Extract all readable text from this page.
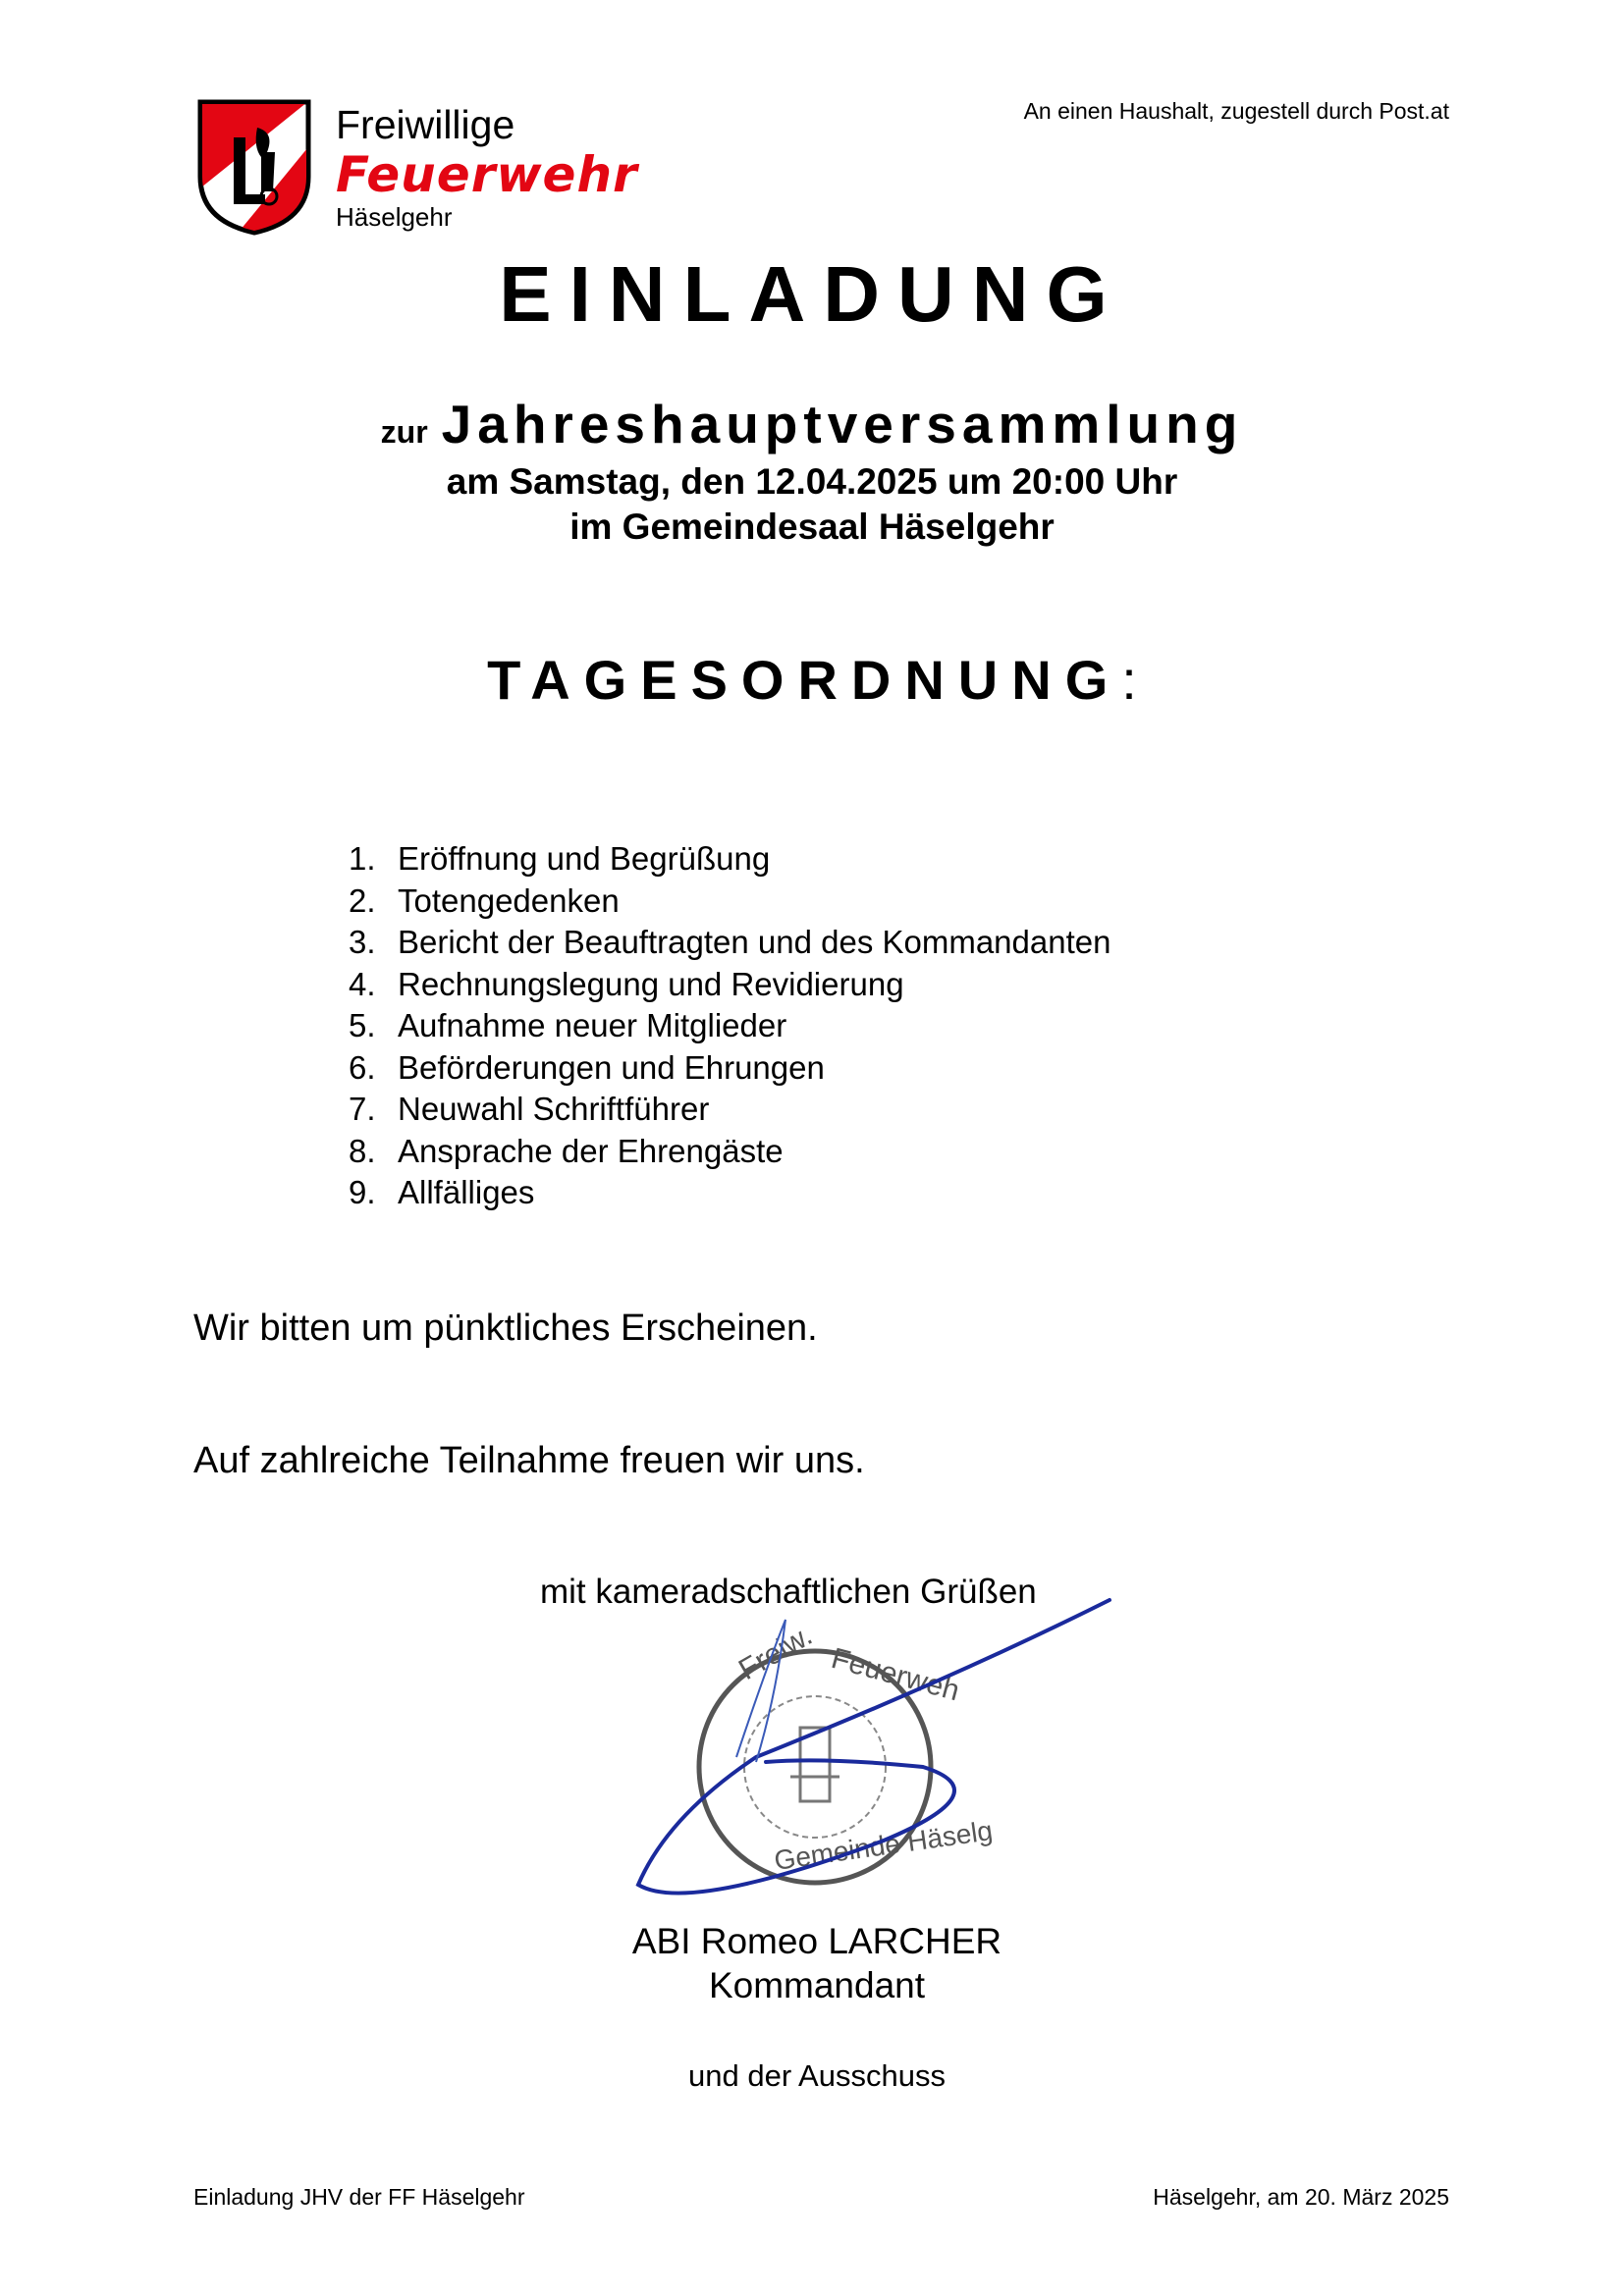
Freiwillige
Feuerwehr
Häselgehr
An einen Haushalt, zugestell durch Post.at
EINLADUNG
zur Jahreshauptversammlung
am Samstag, den 12.04.2025 um 20:00 Uhr
im Gemeindesaal Häselgehr
TAGESORDNUNG:
1. Eröffnung und Begrüßung
2. Totengedenken
3. Bericht der Beauftragten und des Kommandanten
4. Rechnungslegung und Revidierung
5. Aufnahme neuer Mitglieder
6. Beförderungen und Ehrungen
7. Neuwahl Schriftführer
8. Ansprache der Ehrengäste
9. Allfälliges
Wir bitten um pünktliches Erscheinen.
Auf zahlreiche Teilnahme freuen wir uns.
mit kameradschaftlichen Grüßen
Freiw. Feuerweh
Gemeinde Häselg
ABI Romeo LARCHER
Kommandant
und der Ausschuss
Einladung JHV der FF Häselgehr	Häselgehr, am 20. März 2025
